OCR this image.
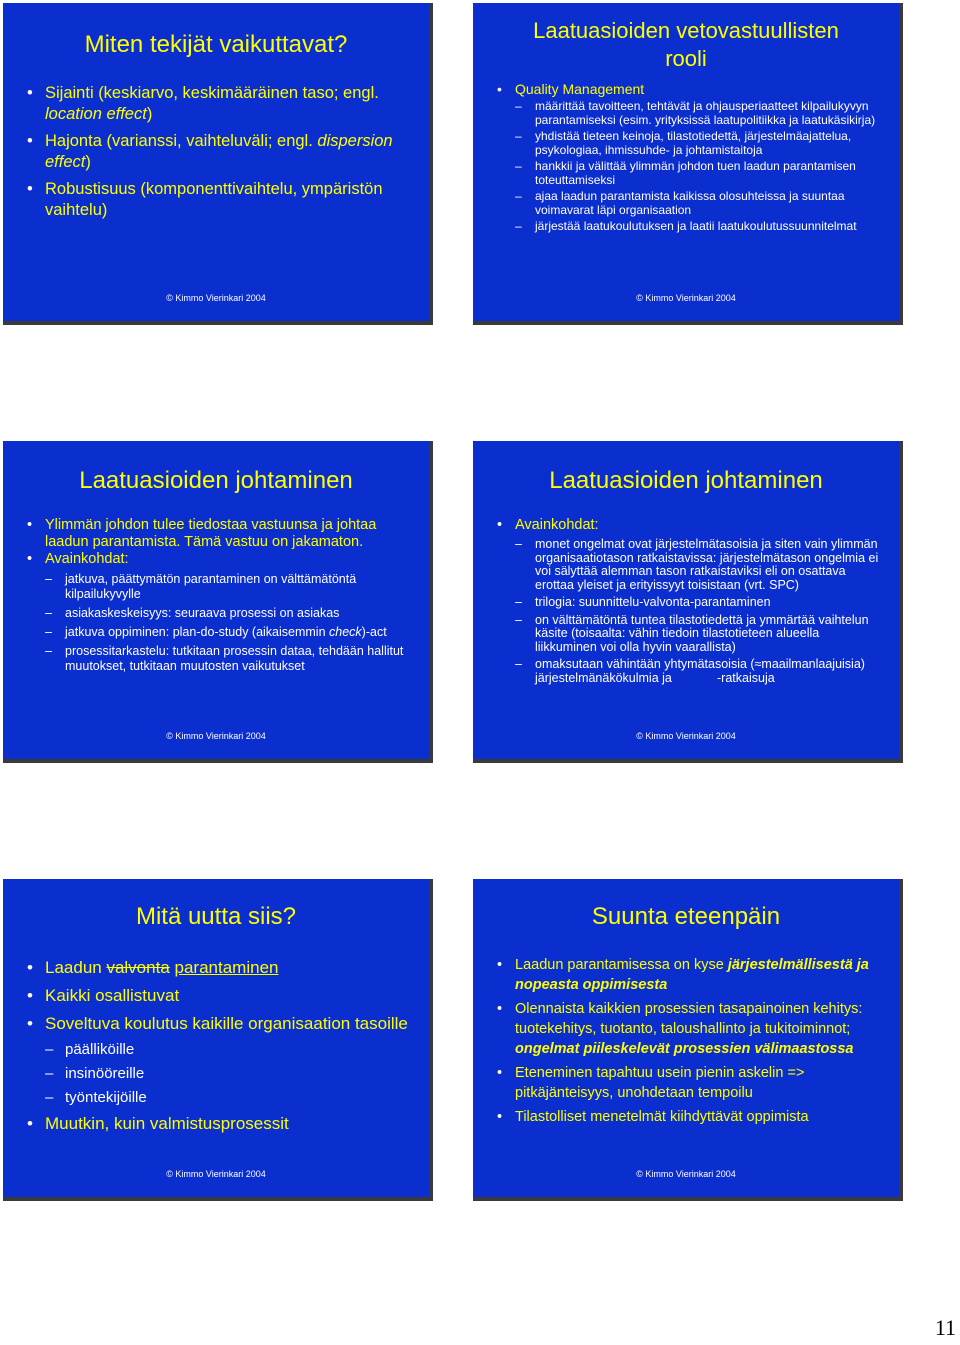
Miten tekijät vaikuttavat?
• Sijainti (keskiarvo, keskimääräinen taso; engl. location effect)
• Hajonta (varianssi, vaihteluväli; engl. dispersion effect)
• Robustisuus (komponenttivaihtelu, ympäristön vaihtelu)
© Kimmo Vierinkari 2004
Laatuasioiden vetovastuullisten rooli
• Quality Management
– määrittää tavoitteen, tehtävät ja ohjausperiaatteet kilpailukyvyn parantamiseksi (esim. yrityksissä laatupolitiikka ja laatukäsikirja)
– yhdistää tieteen keinoja, tilastotiedettä, järjestelmäajattelua, psykologiaa, ihmissuhde- ja johtamistaitoja
– hankkii ja välittää ylimmän johdon tuen laadun parantamisen toteuttamiseksi
– ajaa laadun parantamista kaikissa olosuhteissa ja suuntaa voimavarat läpi organisaation
– järjestää laatukoulutuksen ja laatii laatukoulutussuunnitelmat
© Kimmo Vierinkari 2004
Laatuasioiden johtaminen
• Ylimmän johdon tulee tiedostaa vastuunsa ja johtaa laadun parantamista. Tämä vastuu on jakamaton.
• Avainkohdat:
– jatkuva, päättymätön parantaminen on välttämätöntä kilpailukyvylle
– asiakaskeskeisyys: seuraava prosessi on asiakas
– jatkuva oppiminen: plan-do-study (aikaisemmin check)-act
– prosessitarkastelu: tutkitaan prosessin dataa, tehdään hallitut muutokset, tutkitaan muutosten vaikutukset
© Kimmo Vierinkari 2004
Laatuasioiden johtaminen
• Avainkohdat:
– monet ongelmat ovat järjestelmätasoisia ja siten vain ylimmän organisaatiotason ratkaistavissa: järjestelmätason ongelmia ei voi sälyttää alemman tason ratkaistaviksi eli on osattava erottaa yleiset ja erityissyyt toisistaan (vrt. SPC)
– trilogia: suunnittelu-valvonta-parantaminen
– on välttämätöntä tuntea tilastotiedettä ja ymmärtää vaihtelun käsite (toisaalta: vähin tiedoin tilastotieteen alueella liikkuminen voi olla hyvin vaarallista)
– omaksutaan vähintään yhtymätasoisia (≈maailmanlaajuisia) järjestelmänäkökulmia ja             -ratkaisuja
© Kimmo Vierinkari 2004
Mitä uutta siis?
• Laadun valvonta parantaminen
• Kaikki osallistuvat
• Soveltuva koulutus kaikille organisaation tasoille
– päälliköille
– insinööreille
– työntekijöille
• Muutkin, kuin valmistusprosessit
© Kimmo Vierinkari 2004
Suunta eteenpäin
• Laadun parantamisessa on kyse järjestelmällisestä ja nopeasta oppimisesta
• Olennaista kaikkien prosessien tasapainoinen kehitys: tuotekehitys, tuotanto, taloushallinto ja tukitoiminnot; ongelmat piileskelevät prosessien välimaastossa
• Eteneminen tapahtuu usein pienin askelin => pitkäjänteisyys, unohdetaan tempoilu
• Tilastolliset menetelmät kiihdyttävät oppimista
© Kimmo Vierinkari 2004
11
